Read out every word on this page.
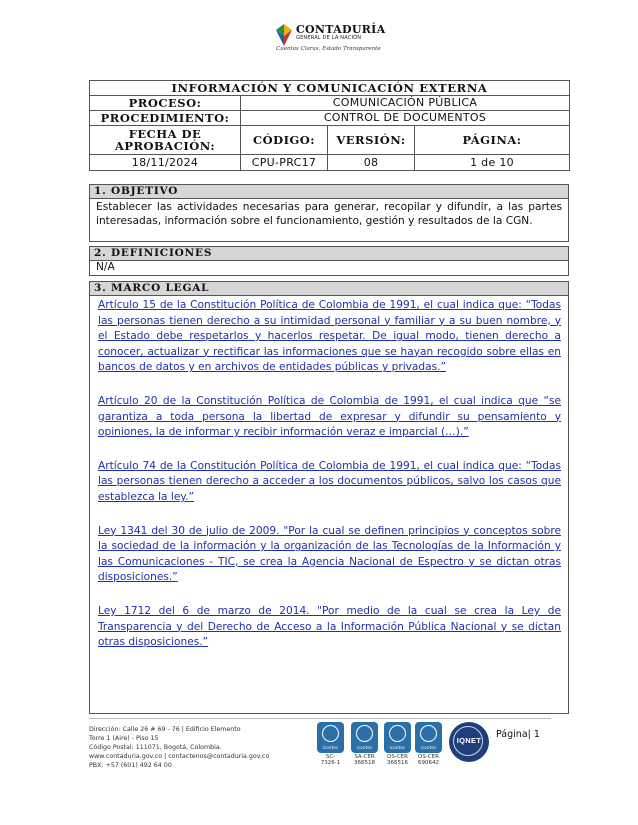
CONTADURÍA
GENERAL DE LA NACIÓN
Cuentas Claras, Estado Transparente
INFORMACIÓN Y COMUNICACIÓN EXTERNA			
PROCESO:	COMUNICACIÓN PÚBLICA		
PROCEDIMIENTO:	CONTROL DE DOCUMENTOS		

FECHA DE
APROBACIÓN:	CÓDIGO:	VERSIÓN:	PÁGINA:
18/11/2024	CPU-PRC17	08	1 de 10
1. OBJETIVO

Establecer las actividades necesarias para generar, recopilar y difundir, a las partes interesadas, información sobre el funcionamiento, gestión y resultados de la CGN.

2. DEFINICIONES

N/A

3. MARCO LEGAL

Artículo 15 de la Constitución Política de Colombia de 1991, el cual indica que: “Todas las personas tienen derecho a su intimidad personal y familiar y a su buen nombre, y el Estado debe respetarlos y hacerlos respetar. De igual modo, tienen derecho a conocer, actualizar y rectificar las informaciones que se hayan recogido sobre ellas en bancos de datos y en archivos de entidades públicas y privadas.”

Artículo 20 de la Constitución Política de Colombia de 1991, el cual indica que “se garantiza a toda persona la libertad de expresar y difundir su pensamiento y opiniones, la de informar y recibir información veraz e imparcial (…).”

Artículo 74 de la Constitución Política de Colombia de 1991, el cual indica que: “Todas las personas tienen derecho a acceder a los documentos públicos, salvo los casos que establezca la ley.”

Ley 1341 del 30 de julio de 2009. "Por la cual se definen principios y conceptos sobre la sociedad de la información y la organización de las Tecnologías de la Información y las Comunicaciones - TIC, se crea la Agencia Nacional de Espectro y se dictan otras disposiciones.”

Ley 1712 del 6 de marzo de 2014. "Por medio de la cual se crea la Ley de Transparencia y del Derecho de Acceso a la Información Pública Nacional y se dictan otras disposiciones.”

Dirección: Calle 26 # 69 - 76 | Edificio Elemento
Torre 1 (Aire) - Piso 15
Código Postal: 111071, Bogotá, Colombia.
www.contaduria.gov.co | contactenos@contaduria.gov.co
PBX: +57 (601) 492 64 00
icontec
SC-
7326-1
icontec
SA-CER
366518
icontec
OS-CER
366516
icontec
OS-CER
690642
IQNET
Página| 1
